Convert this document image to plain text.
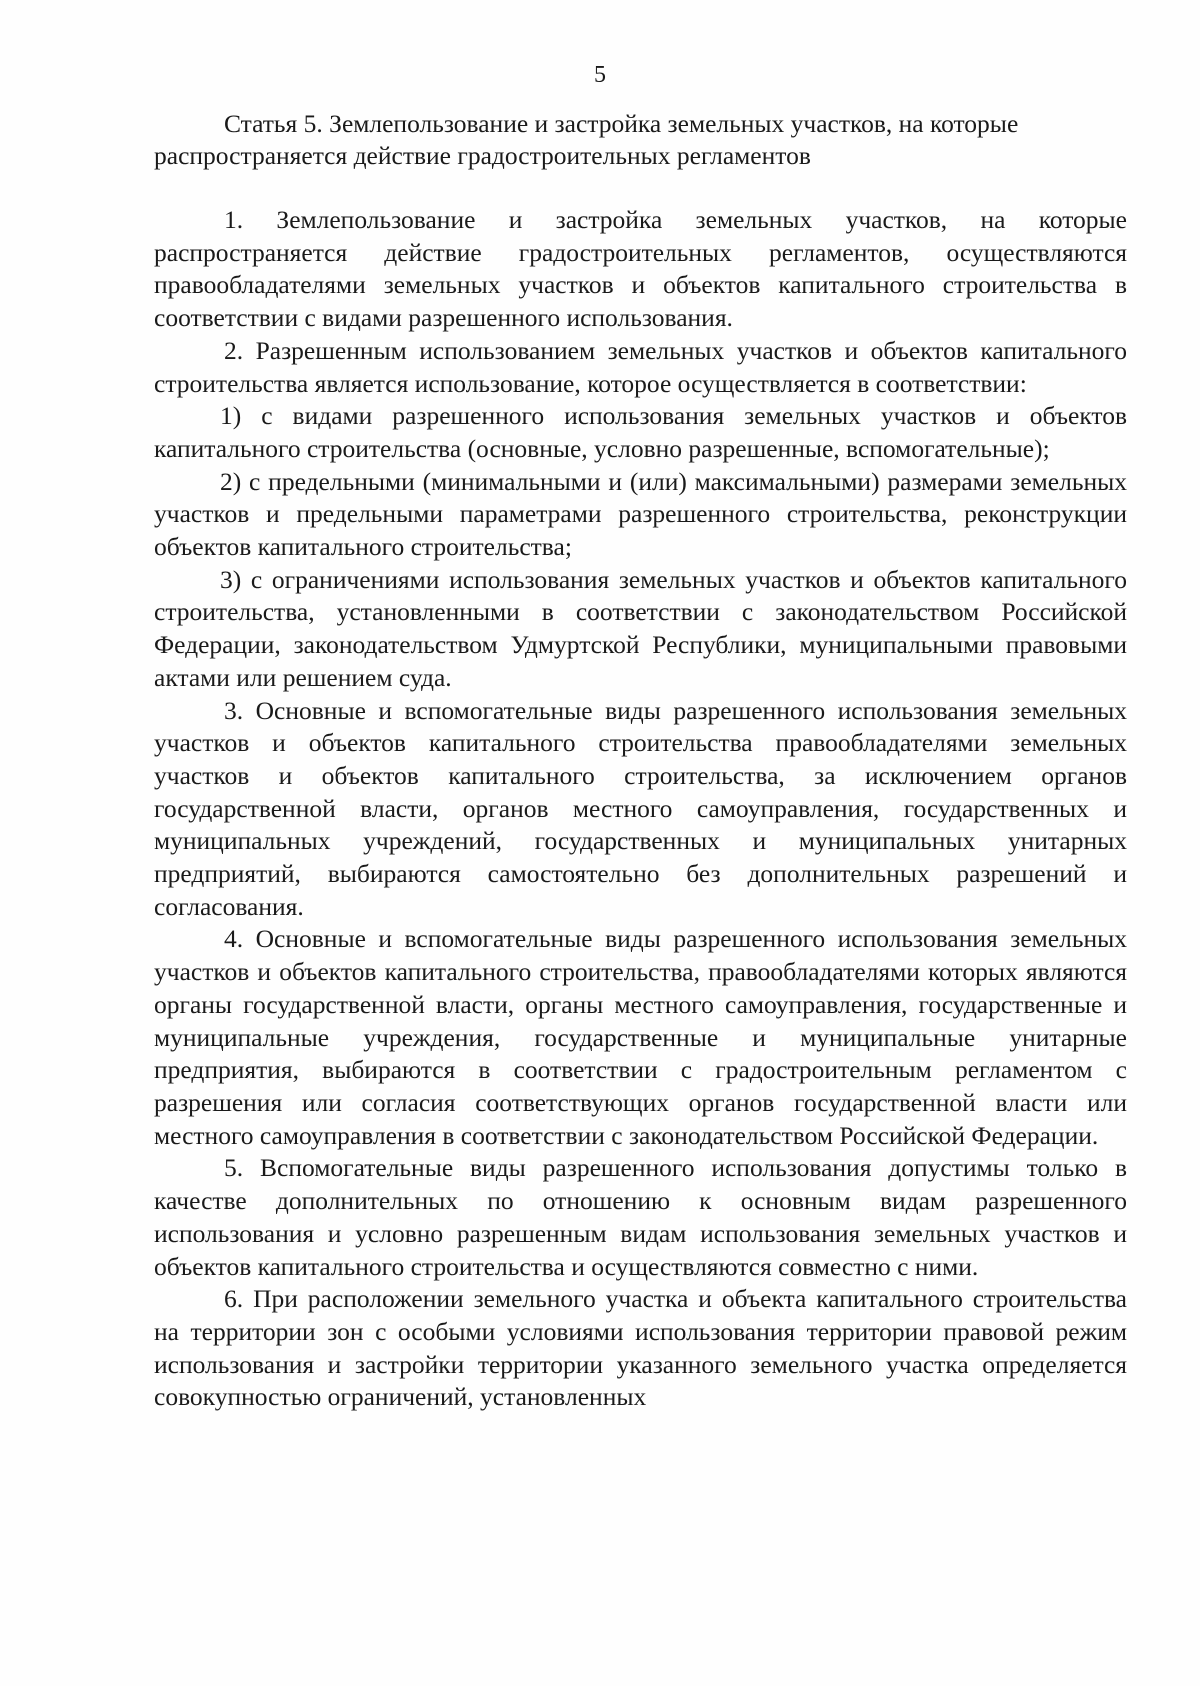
5
Статья 5. Землепользование и застройка земельных участков, на которые распространяется действие градостроительных регламентов

1. Землепользование и застройка земельных участков, на которые распространяется действие градостроительных регламентов, осуществляются правообладателями земельных участков и объектов капитального строительства в соответствии с видами разрешенного использования.

2. Разрешенным использованием земельных участков и объектов капитального строительства является использование, которое осуществляется в соответствии:

1) с видами разрешенного использования земельных участков и объектов капитального строительства (основные, условно разрешенные, вспомогательные);

2) с предельными (минимальными и (или) максимальными) размерами земельных участков и предельными параметрами разрешенного строительства, реконструкции объектов капитального строительства;

3) с ограничениями использования земельных участков и объектов капитального строительства, установленными в соответствии с законодательством Российской Федерации, законодательством Удмуртской Республики, муниципальными правовыми актами или решением суда.

3. Основные и вспомогательные виды разрешенного использования земельных участков и объектов капитального строительства правообладателями земельных участков и объектов капитального строительства, за исключением органов государственной власти, органов местного самоуправления, государственных и муниципальных учреждений, государственных и муниципальных унитарных предприятий, выбираются самостоятельно без дополнительных разрешений и согласования.

4. Основные и вспомогательные виды разрешенного использования земельных участков и объектов капитального строительства, правообладателями которых являются органы государственной власти, органы местного самоуправления, государственные и муниципальные учреждения, государственные и муниципальные унитарные предприятия, выбираются в соответствии с градостроительным регламентом с разрешения или согласия соответствующих органов государственной власти или местного самоуправления в соответствии с законодательством Российской Федерации.

5. Вспомогательные виды разрешенного использования допустимы только в качестве дополнительных по отношению к основным видам разрешенного использования и условно разрешенным видам использования земельных участков и объектов капитального строительства и осуществляются совместно с ними.

6. При расположении земельного участка и объекта капитального строительства на территории зон с особыми условиями использования территории правовой режим использования и застройки территории указанного земельного участка определяется совокупностью ограничений, установленных
